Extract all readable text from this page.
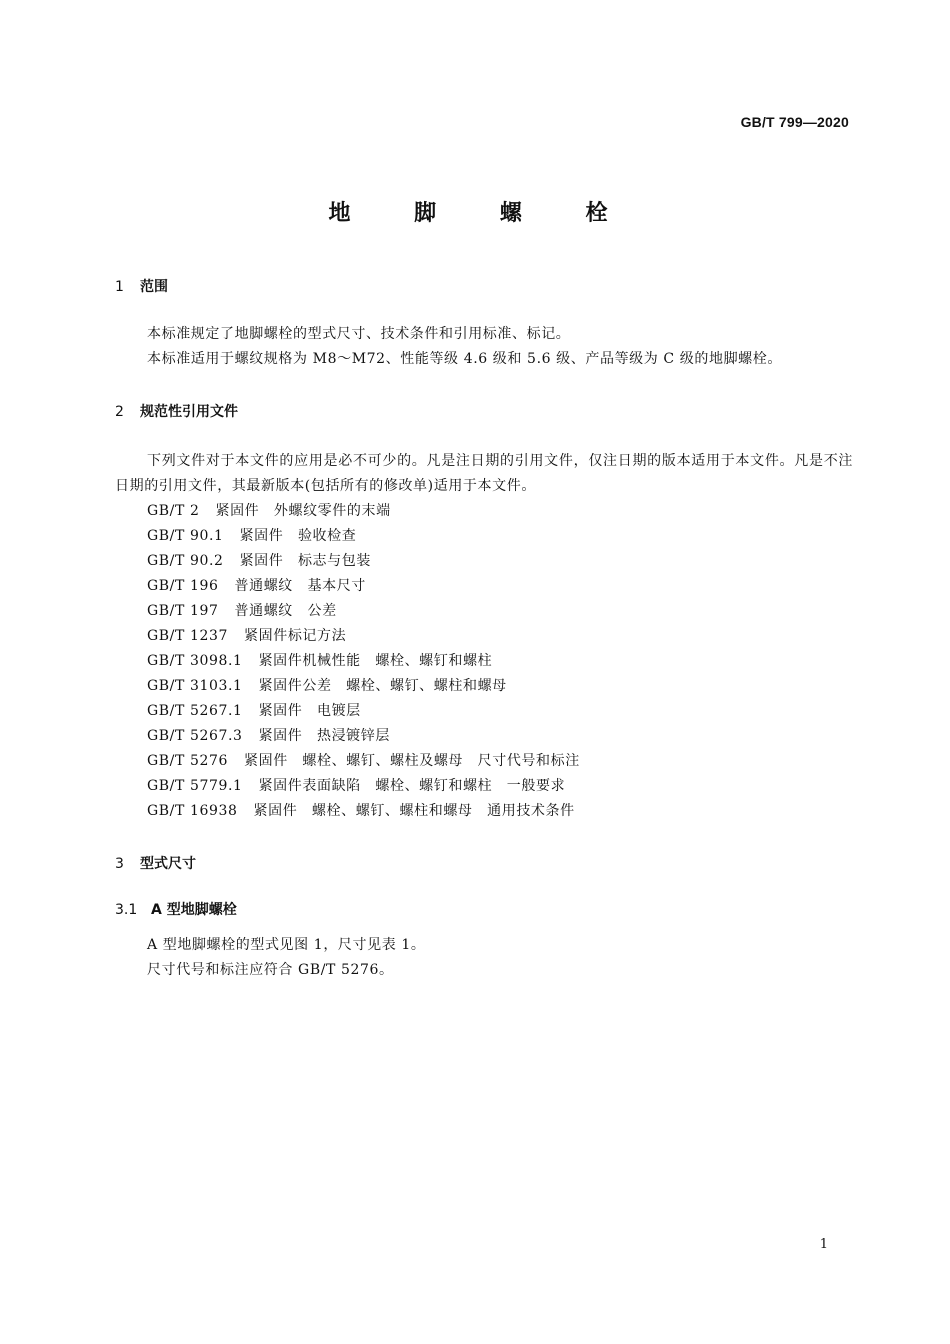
GB/T 799—2020
地 脚 螺 栓
1 范围
本标准规定了地脚螺栓的型式尺寸、技术条件和引用标准、标记。
本标准适用于螺纹规格为 M8～M72、性能等级 4.6 级和 5.6 级、产品等级为 C 级的地脚螺栓。
2 规范性引用文件
下列文件对于本文件的应用是必不可少的。凡是注日期的引用文件，仅注日期的版本适用于本文件。凡是不注日期的引用文件，其最新版本(包括所有的修改单)适用于本文件。
GB/T 2 紧固件　外螺纹零件的末端
GB/T 90.1 紧固件　验收检查
GB/T 90.2 紧固件　标志与包装
GB/T 196 普通螺纹　基本尺寸
GB/T 197 普通螺纹　公差
GB/T 1237 紧固件标记方法
GB/T 3098.1 紧固件机械性能　螺栓、螺钉和螺柱
GB/T 3103.1 紧固件公差　螺栓、螺钉、螺柱和螺母
GB/T 5267.1 紧固件　电镀层
GB/T 5267.3 紧固件　热浸镀锌层
GB/T 5276 紧固件　螺栓、螺钉、螺柱及螺母　尺寸代号和标注
GB/T 5779.1 紧固件表面缺陷　螺栓、螺钉和螺柱　一般要求
GB/T 16938 紧固件　螺栓、螺钉、螺柱和螺母　通用技术条件
3 型式尺寸
3.1 A 型地脚螺栓
A 型地脚螺栓的型式见图 1，尺寸见表 1。
尺寸代号和标注应符合 GB/T 5276。
1
